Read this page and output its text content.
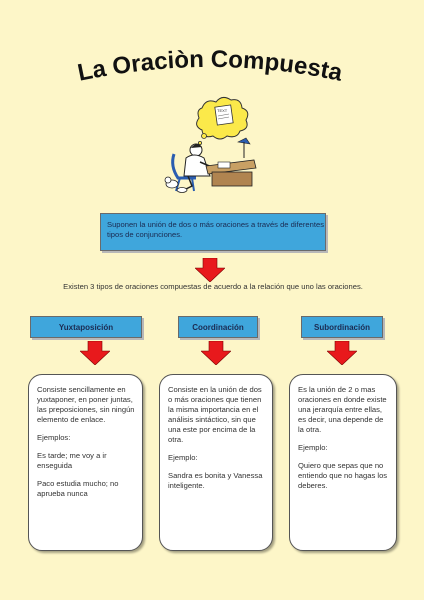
La Oraciòn Compuesta
TEXT
Suponen la unión de dos o más oraciones a través de diferentes tipos de conjunciones.
Existen 3 tipos de oraciones compuestas de acuerdo a la relación que uno las oraciones.
Yuxtaposición	Coordinación	Subordinación

Consiste sencillamente en yuxtaponer, en poner juntas, las preposiciones, sin ningún elemento de enlace.

Ejemplos:

Es tarde; me voy a ir enseguida

Paco estudia mucho; no aprueba nunca

Consiste en la unión de dos o más oraciones que tienen la misma importancia en el análisis sintáctico, sin que una este por encima de la otra.

Ejemplo:

Sandra es bonita y Vanessa inteligente.

Es la unión de 2 o mas oraciones en donde existe una jerarquía entre ellas, es decir, una depende de la otra.

Ejemplo:

Quiero que sepas que no entiendo que no hagas los deberes.
